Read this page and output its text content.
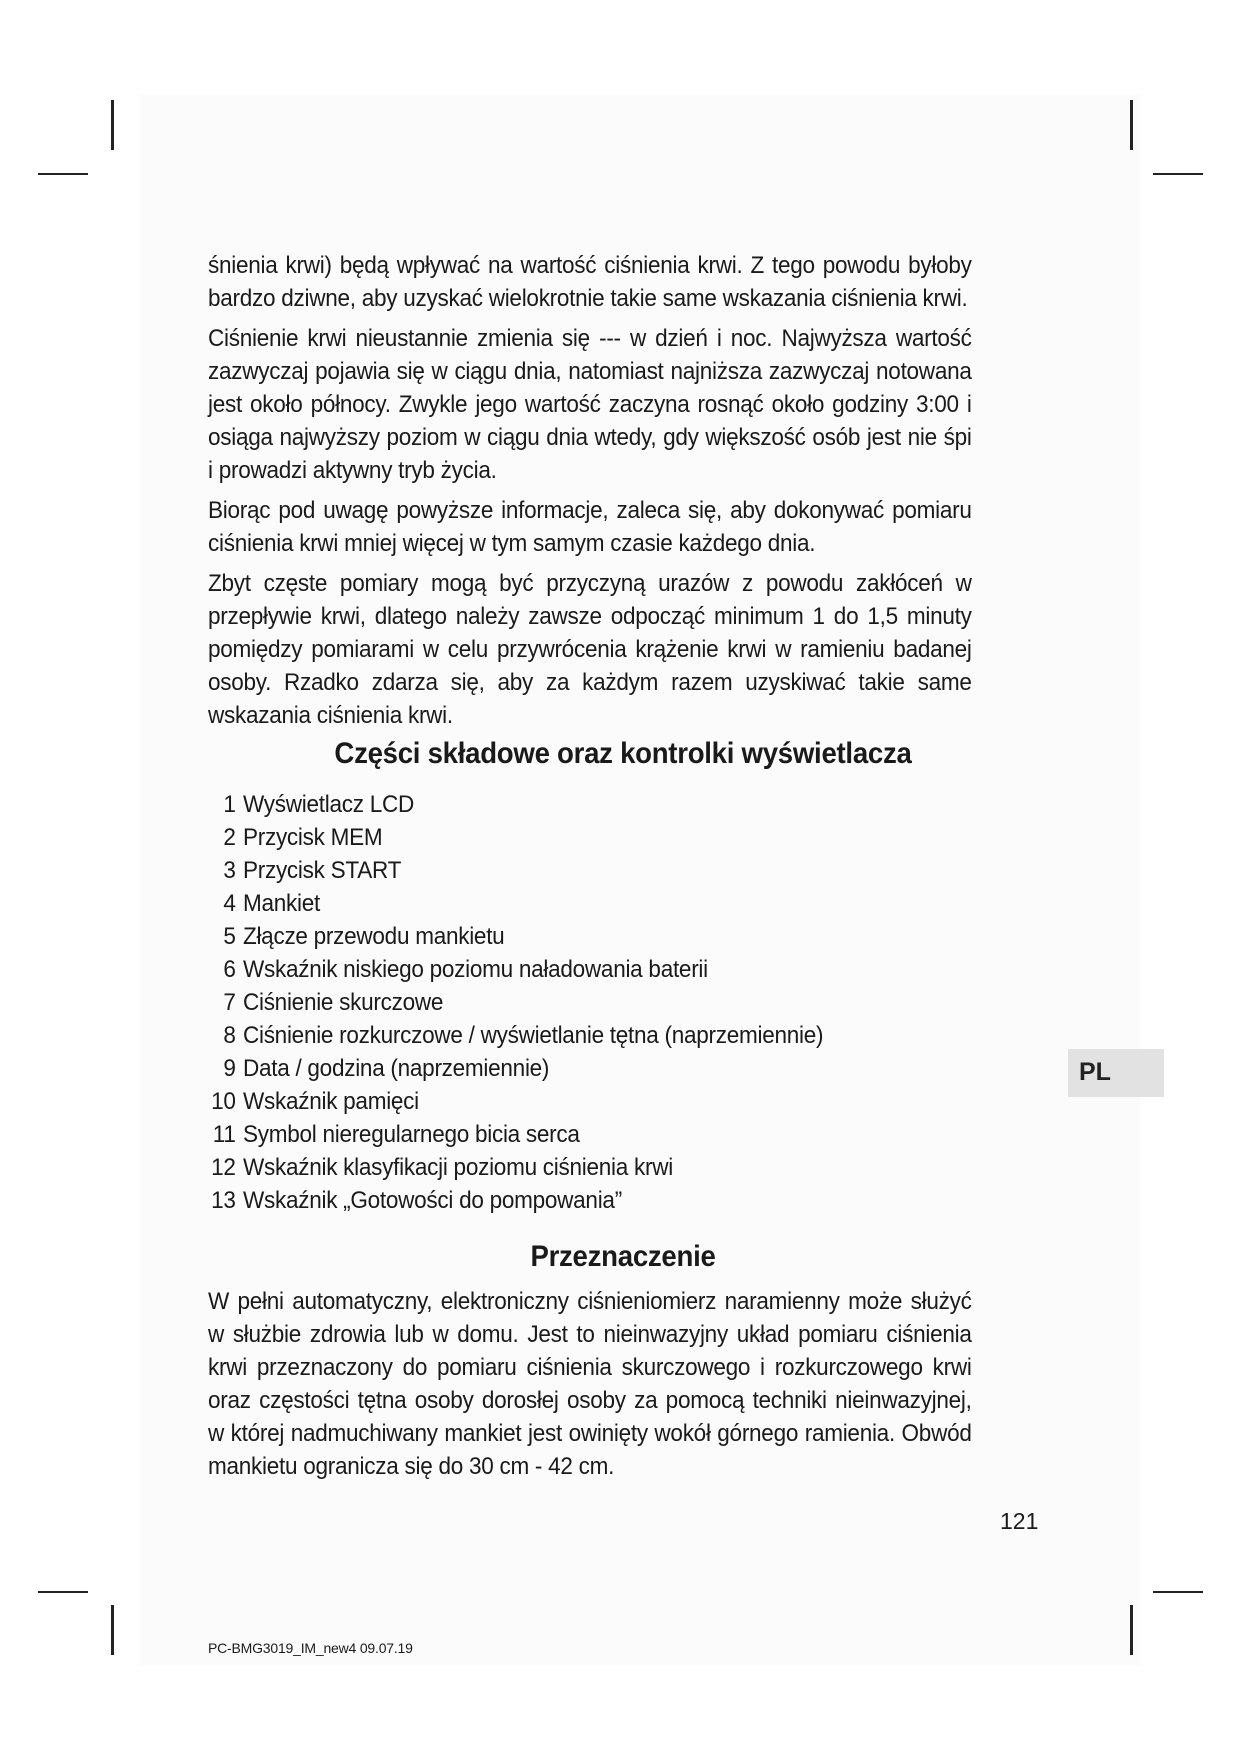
śnienia krwi) będą wpływać na wartość ciśnienia krwi. Z tego powodu byłoby bardzo dziwne, aby uzyskać wielokrotnie takie same wskazania ciśnienia krwi.

Ciśnienie krwi nieustannie zmienia się --- w dzień i noc. Najwyższa wartość zazwyczaj pojawia się w ciągu dnia, natomiast najniższa zazwyczaj notowana jest około północy. Zwykle jego wartość zaczyna rosnąć około godziny 3:00 i osiąga najwyższy poziom w ciągu dnia wtedy, gdy większość osób jest nie śpi i prowadzi aktywny tryb życia.

Biorąc pod uwagę powyższe informacje, zaleca się, aby dokonywać pomiaru ciśnienia krwi mniej więcej w tym samym czasie każdego dnia.

Zbyt częste pomiary mogą być przyczyną urazów z powodu zakłóceń w przepływie krwi, dlatego należy zawsze odpocząć minimum 1 do 1,5 minuty pomiędzy pomiarami w celu przywrócenia krążenie krwi w ramieniu badanej osoby. Rzadko zdarza się, aby za każdym razem uzyskiwać takie same wskazania ciśnienia krwi.

Części składowe oraz kontrolki wyświetlacza
1 Wyświetlacz LCD
2 Przycisk MEM
3 Przycisk START
4 Mankiet
5 Złącze przewodu mankietu
6 Wskaźnik niskiego poziomu naładowania baterii
7 Ciśnienie skurczowe
8 Ciśnienie rozkurczowe / wyświetlanie tętna (naprzemiennie)
9 Data / godzina (naprzemiennie)
10 Wskaźnik pamięci
11 Symbol nieregularnego bicia serca
12 Wskaźnik klasyfikacji poziomu ciśnienia krwi
13 Wskaźnik „Gotowości do pompowania”
Przeznaczenie

W pełni automatyczny, elektroniczny ciśnieniomierz naramienny może służyć w służbie zdrowia lub w domu. Jest to nieinwazyjny układ pomiaru ciśnienia krwi przeznaczony do pomiaru ciśnienia skurczowego i rozkurczowego krwi oraz częstości tętna osoby dorosłej osoby za pomocą techniki nieinwazyjnej, w której nadmuchiwany mankiet jest owinięty wokół górnego ramienia. Obwód mankietu ogranicza się do 30 cm - 42 cm.

121
PL
PC-BMG3019_IM_new4 09.07.19
